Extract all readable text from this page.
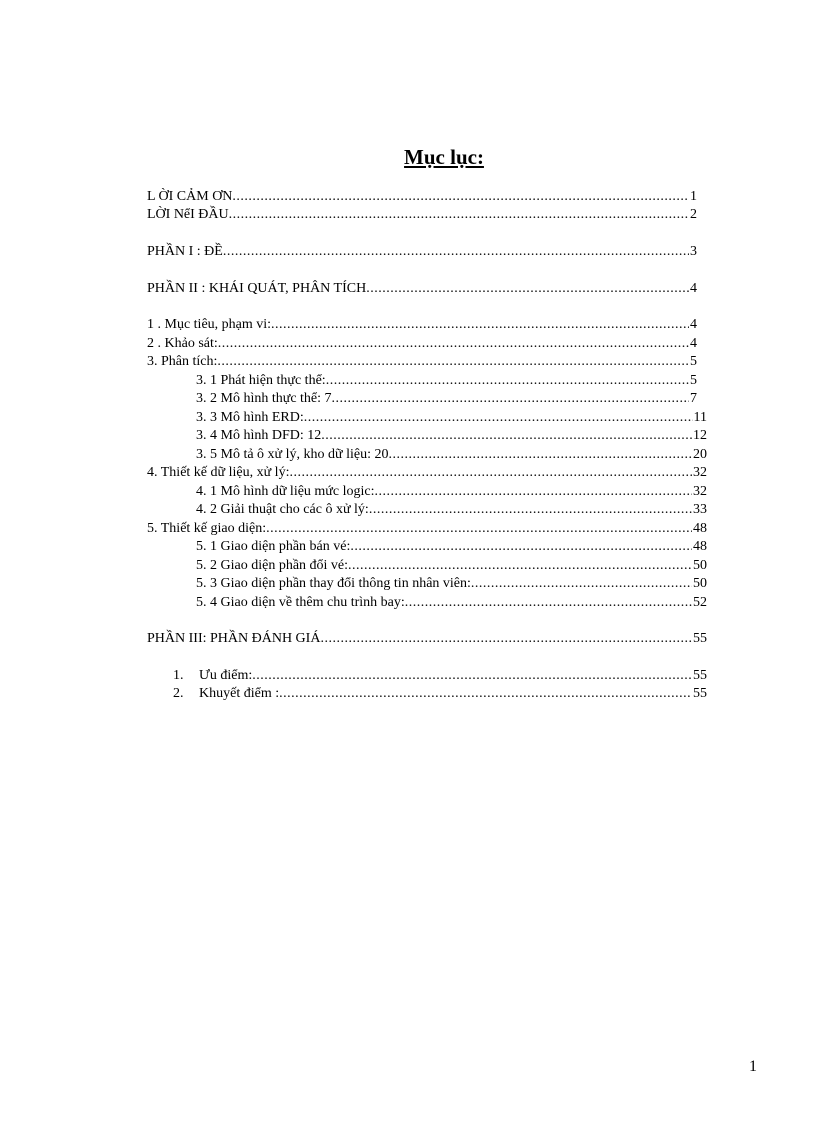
Mục lục:
L ỜI CẢM ƠN .....	1
LỜI NểI ĐẦU .....	2
PHẦN I : ĐỀ .....	3
PHẦN II : KHÁI QUÁT, PHÂN TÍCH .....	4
1 . Mục tiêu, phạm vi: .....	4
2 . Khảo sát: .....	4
3. Phân tích: .....	5
3. 1 Phát hiện thực thể: .....	5
3. 2 Mô hình thực thể: 7 .....	7
3. 3 Mô hình ERD: .....	11
3. 4 Mô hình DFD: 12 .....	12
3. 5 Mô tả ô xử lý, kho dữ liệu: 20 .....	20
4. Thiết kế dữ liệu, xử lý: .....	32
4. 1 Mô hình dữ liệu mức logic: .....	32
4. 2 Giải thuật cho các ô xử lý: .....	33
5. Thiết kế giao diện: .....	48
5. 1 Giao diện phần bán vé: .....	48
5. 2 Giao diện phần đổi vé: .....	50
5. 3 Giao diện phần thay đổi thông tin nhân viên: .....	50
5. 4 Giao diện về thêm chu trình bay: .....	52
PHẦN III: PHẦN ĐÁNH GIÁ .....	55
1.	Ưu điểm: .....	55
2.	Khuyết điểm : .....	55
1
